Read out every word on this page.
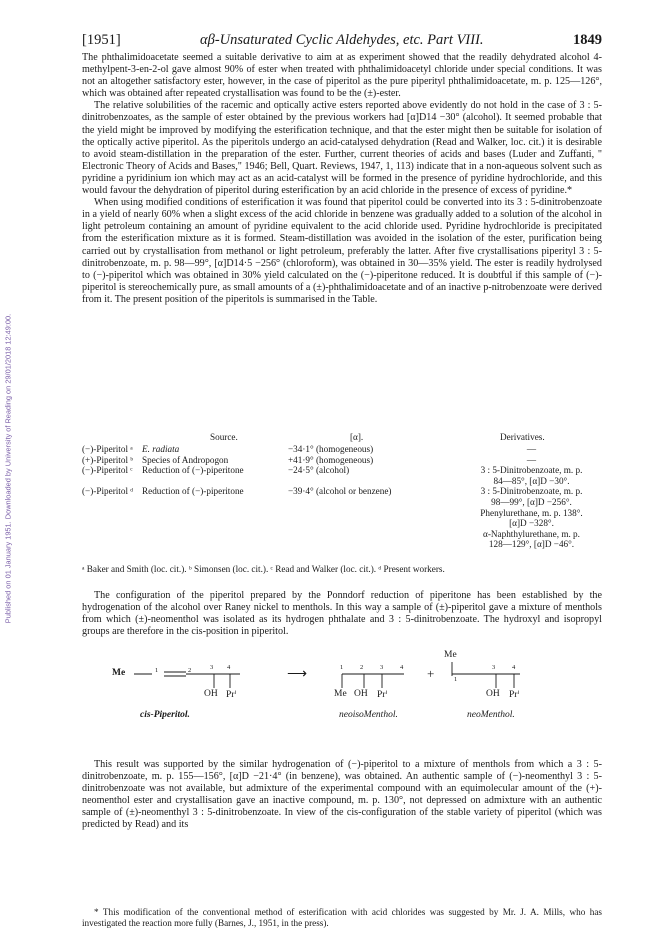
Published on 01 January 1951. Downloaded by University of Reading on 29/01/2018 12:49:00.
[1951]	αβ-Unsaturated Cyclic Aldehydes, etc. Part VIII.	1849

The phthalimidoacetate seemed a suitable derivative to aim at as experiment showed that the readily dehydrated alcohol 4-methylpent-3-en-2-ol gave almost 90% of ester when treated with phthalimidoacetyl chloride under special conditions. It was not an altogether satisfactory ester, however, in the case of piperitol as the pure piperityl phthalimidoacetate, m. p. 125—126°, which was obtained after repeated crystallisation was found to be the (±)-ester.

The relative solubilities of the racemic and optically active esters reported above evidently do not hold in the case of 3 : 5-dinitrobenzoates, as the sample of ester obtained by the previous workers had [α]D14 −30° (alcohol). It seemed probable that the yield might be improved by modifying the esterification technique, and that the ester might then be suitable for isolation of the optically active piperitol. As the piperitols undergo an acid-catalysed dehydration (Read and Walker, loc. cit.) it is desirable to avoid steam-distillation in the preparation of the ester. Further, current theories of acids and bases (Luder and Zuffanti, " Electronic Theory of Acids and Bases," 1946; Bell, Quart. Reviews, 1947, 1, 113) indicate that in a non-aqueous solvent such as pyridine a pyridinium ion which may act as an acid-catalyst will be formed in the presence of pyridine hydrochloride, and this would favour the dehydration of piperitol during esterification by an acid chloride in the presence of excess of pyridine.*

When using modified conditions of esterification it was found that piperitol could be converted into its 3 : 5-dinitrobenzoate in a yield of nearly 60% when a slight excess of the acid chloride in benzene was gradually added to a solution of the alcohol in light petroleum containing an amount of pyridine equivalent to the acid chloride used. Pyridine hydrochloride is precipitated from the esterification mixture as it is formed. Steam-distillation was avoided in the isolation of the ester, purification being carried out by crystallisation from methanol or light petroleum, preferably the latter. After five crystallisations piperityl 3 : 5-dinitrobenzoate, m. p. 98—99°, [α]D14·5 −256° (chloroform), was obtained in 30—35% yield. The ester is readily hydrolysed to (−)-piperitol which was obtained in 30% yield calculated on the (−)-piperitone reduced. It is doubtful if this sample of (−)-piperitol is stereochemically pure, as small amounts of a (±)-phthalimidoacetate and of an inactive p-nitrobenzoate were derived from it. The present position of the piperitols is summarised in the Table.

Source.	[α].	Derivatives.
(−)-Piperitol ᵃ E. radiata	−34·1° (homogeneous)	—
(+)-Piperitol ᵇ Species of Andropogon	+41·9° (homogeneous)	—
(−)-Piperitol ᶜ Reduction of (−)-piperitone	−24·5° (alcohol)	3 : 5-Dinitrobenzoate, m. p.
84—85°, [α]D −30°.
(−)-Piperitol ᵈ Reduction of (−)-piperitone	−39·4° (alcohol or benzene)	3 : 5-Dinitrobenzoate, m. p.
98—99°, [α]D −256°.
Phenylurethane, m. p. 138°.
[α]D −328°.
α-Naphthylurethane, m. p.
128—129°, [α]D −46°.
ᵃ Baker and Smith (loc. cit.). ᵇ Simonsen (loc. cit.). ᶜ Read and Walker (loc. cit.). ᵈ Present workers.

The configuration of the piperitol prepared by the Ponndorf reduction of piperitone has been established by the hydrogenation of the alcohol over Raney nickel to menthols. In this way a sample of (±)-piperitol gave a mixture of menthols from which (±)-neomenthol was isolated as its hydrogen phthalate and 3 : 5-dinitrobenzoate. The hydroxyl and isopropyl groups are therefore in the cis-position in piperitol.

Me	1	2	3 4
OH Prⁱ
cis-Piperitol.
⟶	1	2	3	4
Me OH Prⁱ
neoisoMenthol.
+
Me
1
3	4
OH Prⁱ
neoMenthol.

This result was supported by the similar hydrogenation of (−)-piperitol to a mixture of menthols from which a 3 : 5-dinitrobenzoate, m. p. 155—156°, [α]D −21·4° (in benzene), was obtained. An authentic sample of (−)-neomenthyl 3 : 5-dinitrobenzoate was not available, but admixture of the experimental compound with an equimolecular amount of the (+)-neomenthol ester and crystallisation gave an inactive compound, m. p. 130°, not depressed on admixture with an authentic sample of (±)-neomenthyl 3 : 5-dinitrobenzoate. In view of the cis-configuration of the stable variety of piperitol (which was predicted by Read) and its

* This modification of the conventional method of esterification with acid chlorides was suggested by Mr. J. A. Mills, who has investigated the reaction more fully (Barnes, J., 1951, in the press).
